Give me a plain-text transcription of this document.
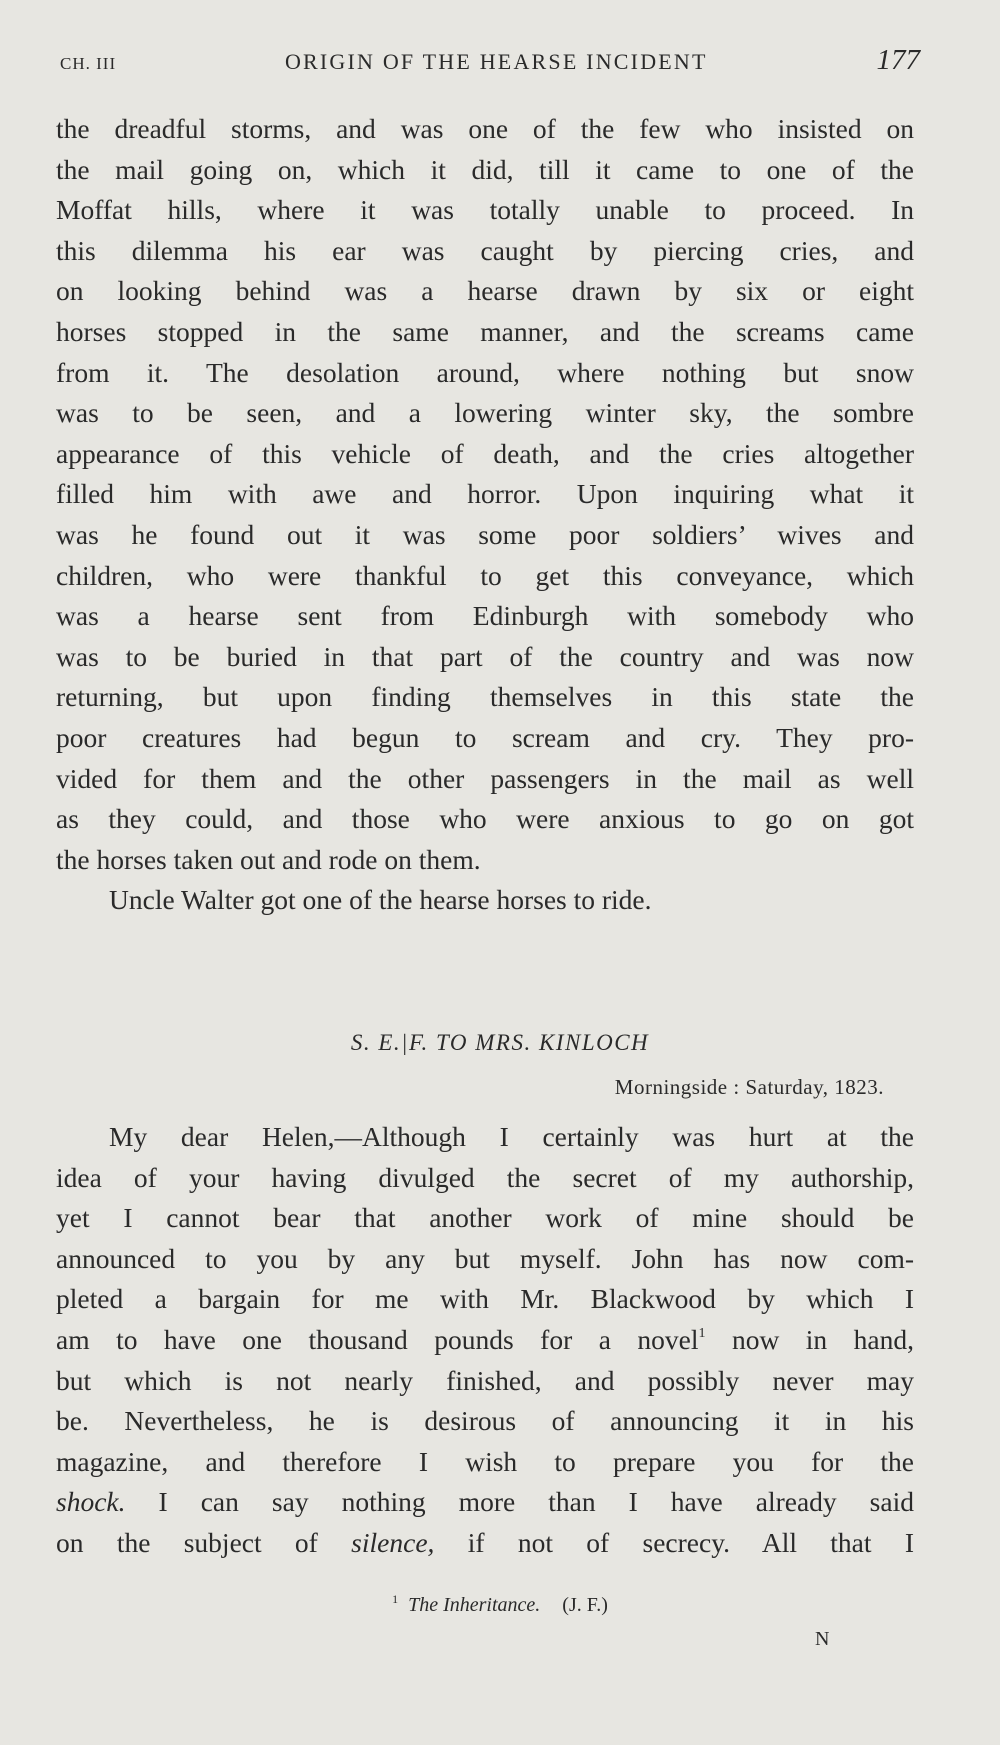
CH. III	ORIGIN OF THE HEARSE INCIDENT	177
the dreadful storms, and was one of the few who insisted on
the mail going on, which it did, till it came to one of the
Moffat hills, where it was totally unable to proceed. In
this dilemma his ear was caught by piercing cries, and
on looking behind was a hearse drawn by six or eight
horses stopped in the same manner, and the screams came
from it. The desolation around, where nothing but snow
was to be seen, and a lowering winter sky, the sombre
appearance of this vehicle of death, and the cries altogether
filled him with awe and horror. Upon inquiring what it
was he found out it was some poor soldiers’ wives and
children, who were thankful to get this conveyance, which
was a hearse sent from Edinburgh with somebody who
was to be buried in that part of the country and was now
returning, but upon finding themselves in this state the
poor creatures had begun to scream and cry. They pro-
vided for them and the other passengers in the mail as well
as they could, and those who were anxious to go on got
the horses taken out and rode on them.
Uncle Walter got one of the hearse horses to ride.
S. E.|F. TO MRS. KINLOCH
Morningside : Saturday, 1823.
My dear Helen,—Although I certainly was hurt at the
idea of your having divulged the secret of my authorship,
yet I cannot bear that another work of mine should be
announced to you by any but myself. John has now com-
pleted a bargain for me with Mr. Blackwood by which I
am to have one thousand pounds for a novel$^1$ now in hand,
but which is not nearly finished, and possibly never may
be. Nevertheless, he is desirous of announcing it in his
magazine, and therefore I wish to prepare you for the
shock. I can say nothing more than I have already said
on the subject of silence, if not of secrecy. All that I
$^1$ The Inheritance. (J. F.)
N
